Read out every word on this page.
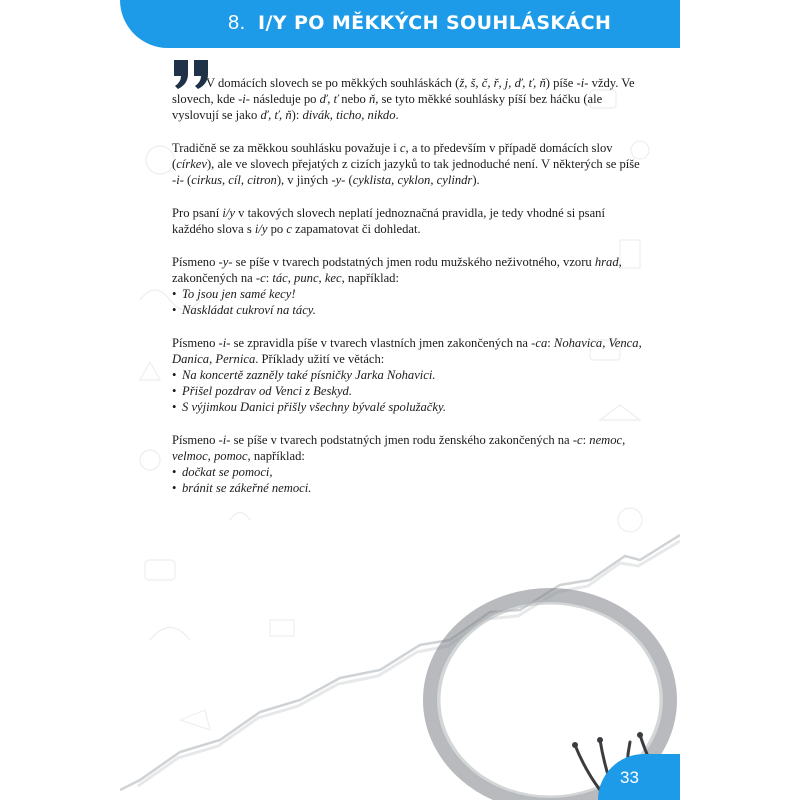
8. I/Y PO MĚKKÝCH SOUHLÁSKÁCH

V domácích slovech se po měkkých souhláskách (ž, š, č, ř, j, ď, ť, ň) píše -i- vždy. Ve slovech, kde -i- následuje po ď, ť nebo ň, se tyto měkké souhlásky píší bez háčku (ale vyslovují se jako ď, ť, ň): divák, ticho, nikdo.

Tradičně se za měkkou souhlásku považuje i c, a to především v případě domácích slov (církev), ale ve slovech přejatých z cizích jazyků to tak jednoduché není. V některých se píše -i- (cirkus, cíl, citron), v jiných -y- (cyklista, cyklon, cylindr).

Pro psaní i/y v takových slovech neplatí jednoznačná pravidla, je tedy vhodné si psaní každého slova s i/y po c zapamatovat či dohledat.

Písmeno -y- se píše v tvarech podstatných jmen rodu mužského neživotného, vzoru hrad, zakončených na -c: tác, punc, kec, například:
• To jsou jen samé kecy!
• Naskládat cukroví na tácy.
Písmeno -i- se zpravidla píše v tvarech vlastních jmen zakončených na -ca: Nohavica, Venca, Danica, Pernica. Příklady užití ve větách:
• Na koncertě zazněly také písničky Jarka Nohavici.
• Přišel pozdrav od Venci z Beskyd.
• S výjimkou Danici přišly všechny bývalé spolužačky.
Písmeno -i- se píše v tvarech podstatných jmen rodu ženského zakončených na -c: nemoc, velmoc, pomoc, například:
• dočkat se pomoci,
• bránit se zákeřné nemoci.
33
